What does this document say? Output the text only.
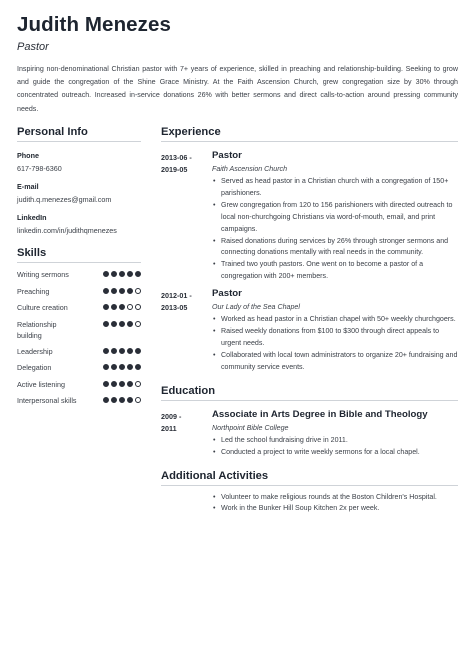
Judith Menezes
Pastor
Inspiring non-denominational Christian pastor with 7+ years of experience, skilled in preaching and relationship-building. Seeking to grow and guide the congregation of the Shine Grace Ministry. At the Faith Ascension Church, grew congregation size by 30% through concentrated outreach. Increased in-service donations 26% with better sermons and direct calls-to-action around pressing community needs.
Personal Info
Phone
617-798-6360
E-mail
judith.q.menezes@gmail.com
LinkedIn
linkedin.com/in/judithqmenezes
Skills
Writing sermons
Preaching
Culture creation
Relationship building
Leadership
Delegation
Active listening
Interpersonal skills
Experience
2013-06 -
2019-05
Pastor
Faith Ascension Church
• Served as head pastor in a Christian church with a congregation of 150+ parishioners.
• Grew congregation from 120 to 156 parishioners with directed outreach to local non-churchgoing Christians via word-of-mouth, email, and print campaigns.
• Raised donations during services by 26% through stronger sermons and connecting donations mentally with real needs in the community.
• Trained two youth pastors. One went on to become a pastor of a congregation with 200+ members.
2012-01 -
2013-05
Pastor
Our Lady of the Sea Chapel
• Worked as head pastor in a Christian chapel with 50+ weekly churchgoers.
• Raised weekly donations from $100 to $300 through direct appeals to urgent needs.
• Collaborated with local town administrators to organize 20+ fundraising and community service events.
Education
2009 -
2011
Associate in Arts Degree in Bible and Theology
Northpoint Bible College
• Led the school fundraising drive in 2011.
• Conducted a project to write weekly sermons for a local chapel.
Additional Activities
• Volunteer to make religious rounds at the Boston Children's Hospital.
• Work in the Bunker Hill Soup Kitchen 2x per week.
